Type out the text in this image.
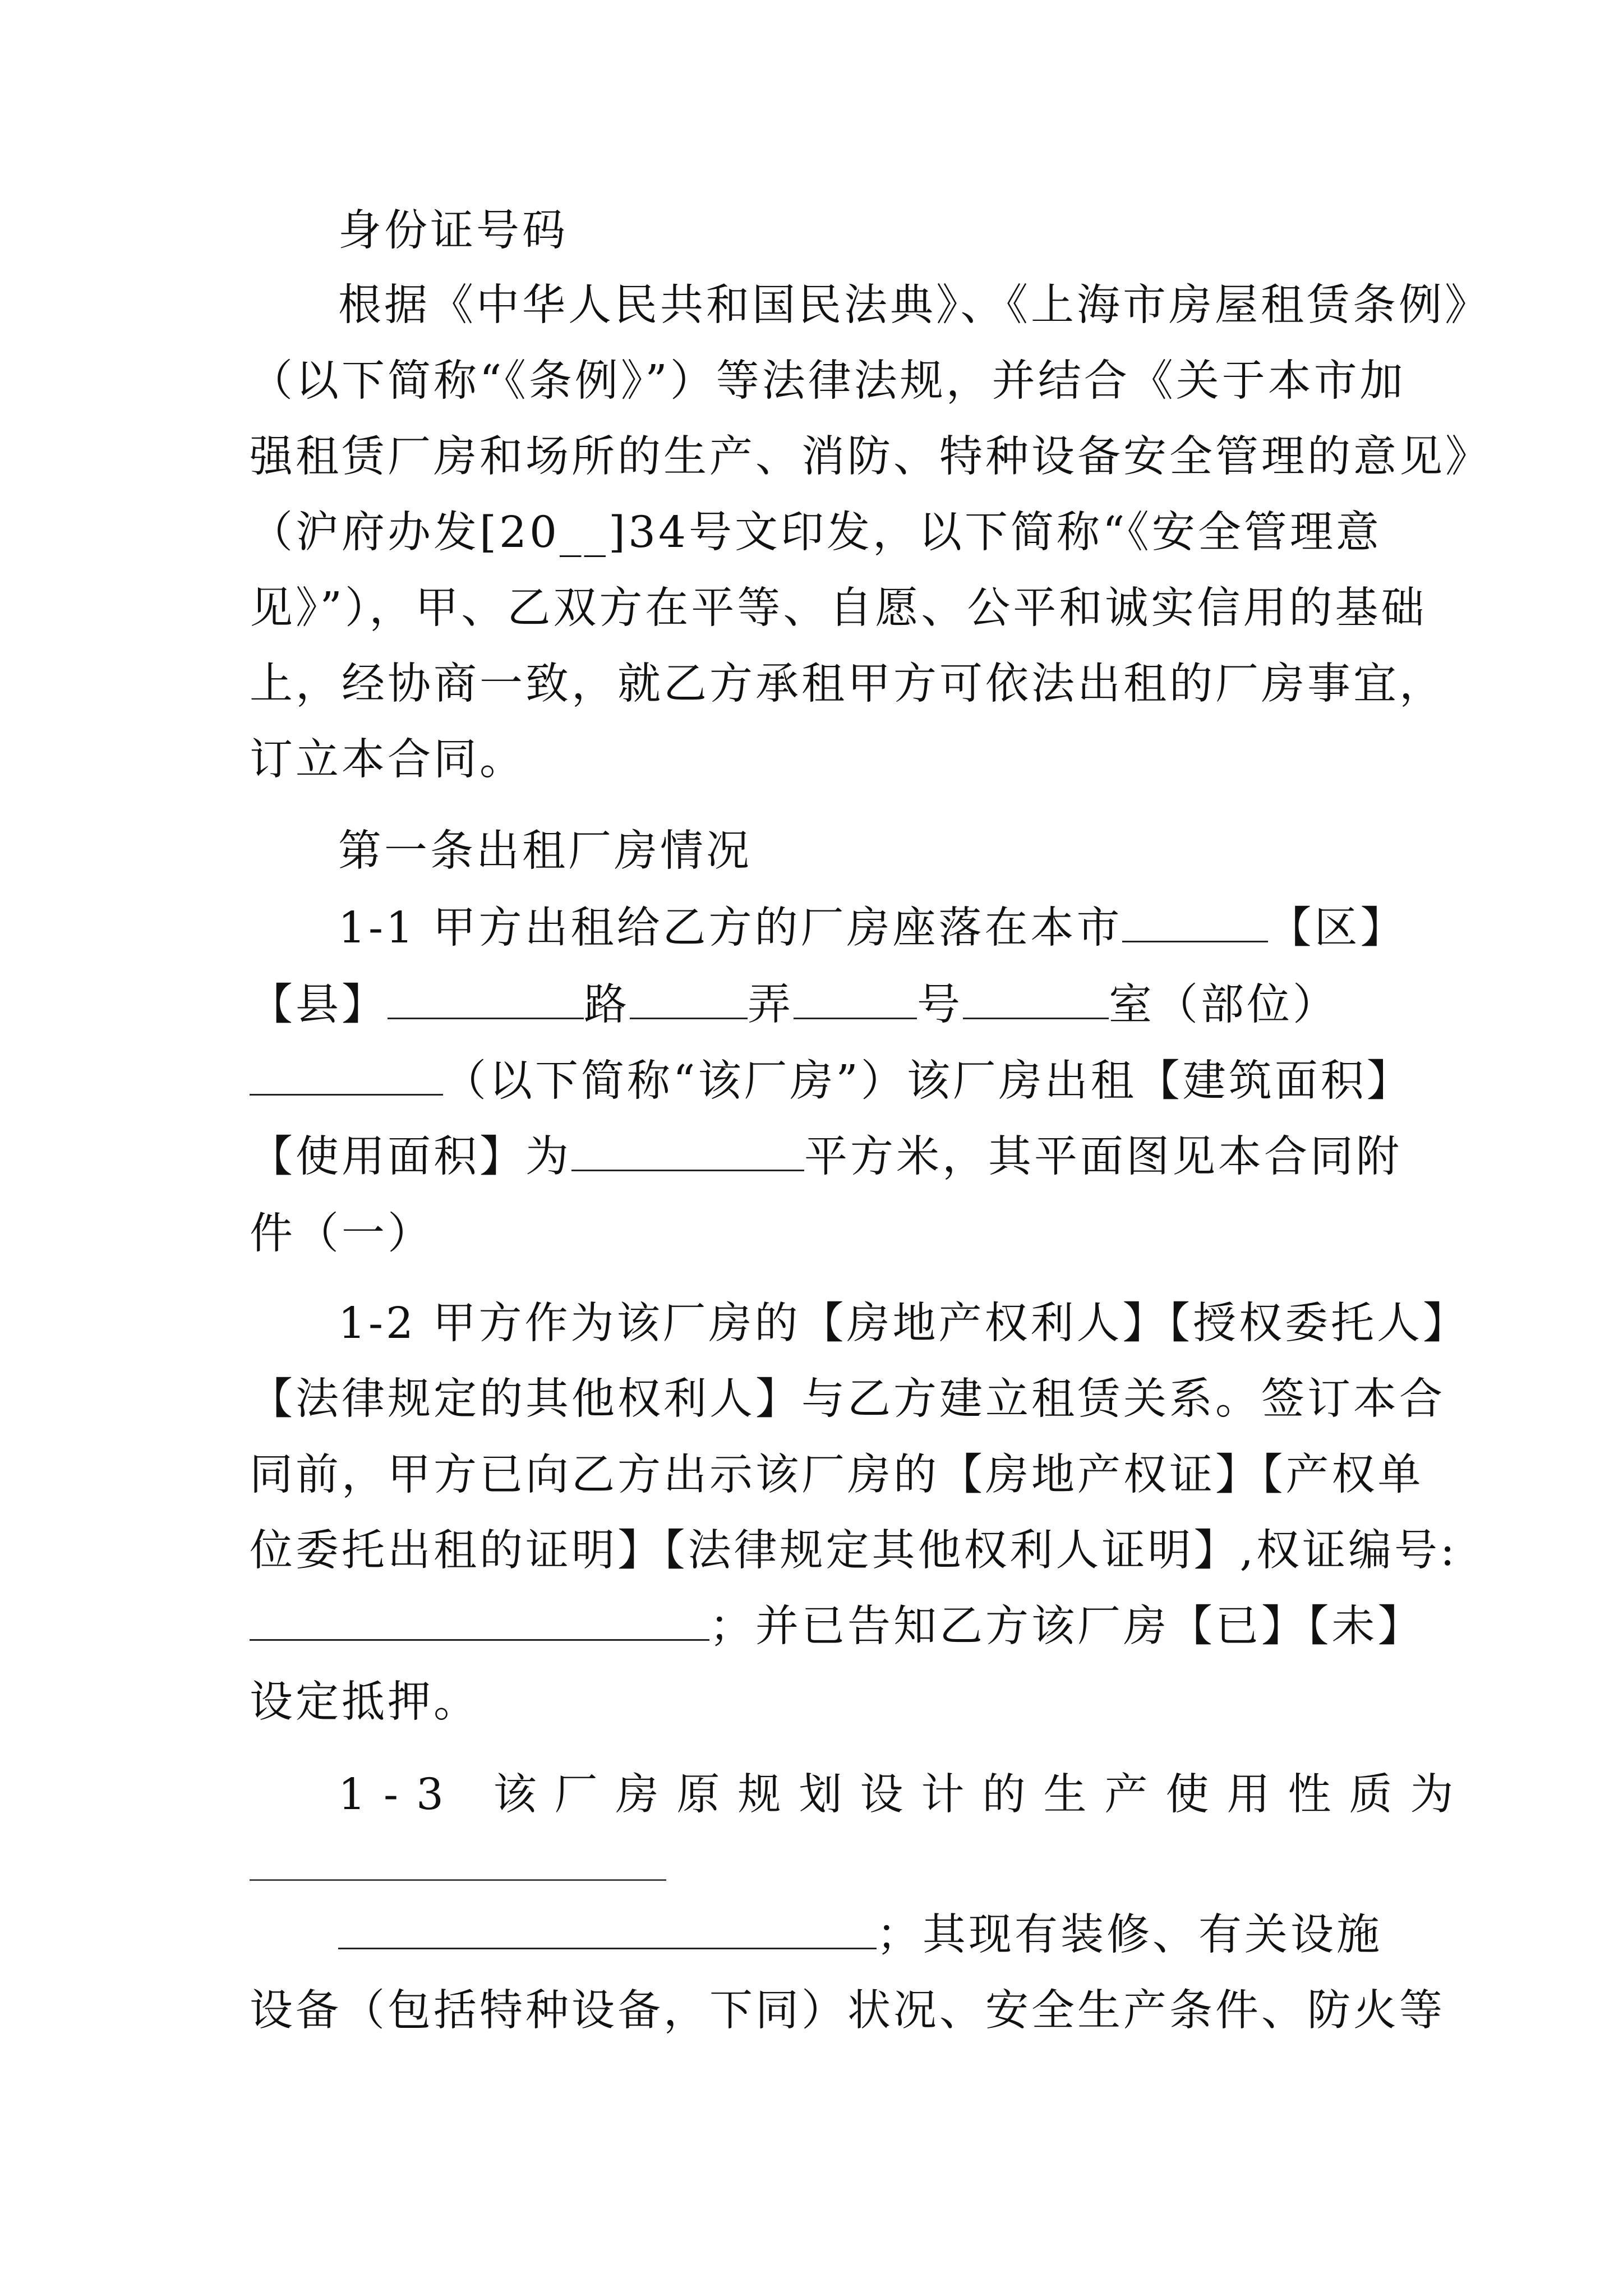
身份证号码
根据《中华人民共和国民法典》、《上海市房屋租赁条例》
（以下简称“《条例》”）等法律法规，并结合《关于本市加
强租赁厂房和场所的生产、消防、特种设备安全管理的意见》
（沪府办发[20__]34号文印发，以下简称“《安全管理意
见》”），甲、乙双方在平等、自愿、公平和诚实信用的基础
上，经协商一致，就乙方承租甲方可依法出租的厂房事宜，
订立本合同。
第一条出租厂房情况
1-1 甲方出租给乙方的厂房座落在本市	【区】
【县】	路	弄	号	室（部位）
（以下简称“该厂房”）该厂房出租【建筑面积】
【使用面积】为	平方米，其平面图见本合同附
件（一）
1-2 甲方作为该厂房的【房地产权利人】【授权委托人】
【法律规定的其他权利人】与乙方建立租赁关系。签订本合
同前，甲方已向乙方出示该厂房的【房地产权证】【产权单
位委托出租的证明】【法律规定其他权利人证明】,权证编号:
；并已告知乙方该厂房【已】【未】
设定抵押。
1-3 该厂房原规划设计的生产使用性质为
；其现有装修、有关设施
设备（包括特种设备，下同）状况、安全生产条件、防火等
